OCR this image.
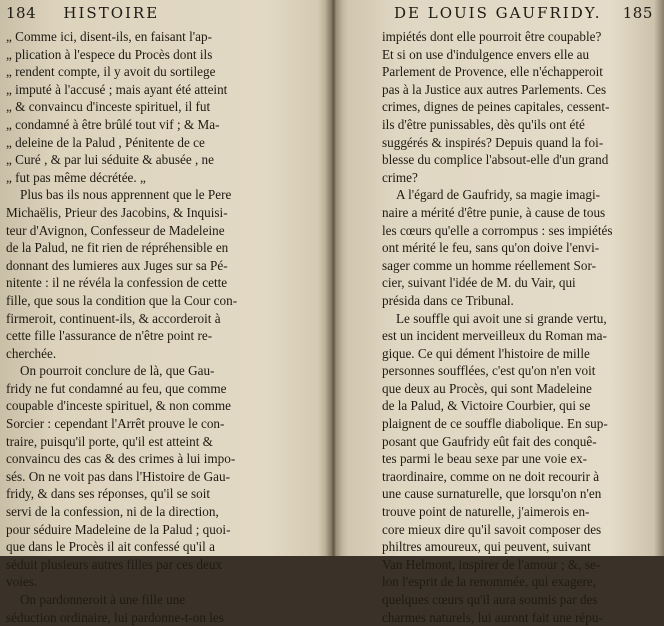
184 HISTOIRE
„ Comme ici, disent-ils, en faisant l'ap-
„ plication à l'espece du Procès dont ils
„ rendent compte, il y avoit du sortilege
„ imputé à l'accusé ; mais ayant été atteint
„ & convaincu d'inceste spirituel, il fut
„ condamné à être brûlé tout vif ; & Ma-
„ deleine de la Palud , Pénitente de ce
„ Curé , & par lui séduite & abusée , ne
„ fut pas même décrétée. „
Plus bas ils nous apprennent que le Pere
Michaëlis, Prieur des Jacobins, & Inquisi-
teur d'Avignon, Confesseur de Madeleine
de la Palud, ne fit rien de répréhensible en
donnant des lumieres aux Juges sur sa Pé-
nitente : il ne révéla la confession de cette
fille, que sous la condition que la Cour con-
firmeroit, continuent-ils, & accorderoit à
cette fille l'assurance de n'être point re-
cherchée.
On pourroit conclure de là, que Gau-
fridy ne fut condamné au feu, que comme
coupable d'inceste spirituel, & non comme
Sorcier : cependant l'Arrêt prouve le con-
traire, puisqu'il porte, qu'il est atteint &
convaincu des cas & des crimes à lui impo-
sés. On ne voit pas dans l'Histoire de Gau-
fridy, & dans ses réponses, qu'il se soit
servi de la confession, ni de la direction,
pour séduire Madeleine de la Palud ; quoi-
que dans le Procès il ait confessé qu'il a
séduit plusieurs autres filles par ces deux
voies.
On pardonneroit à une fille une
séduction ordinaire, lui pardonne-t-on les
DE LOUIS GAUFRIDY. 185
impiétés dont elle pourroit être coupable?
Et si on use d'indulgence envers elle au
Parlement de Provence, elle n'échapperoit
pas à la Justice aux autres Parlements. Ces
crimes, dignes de peines capitales, cessent-
ils d'être punissables, dès qu'ils ont été
suggérés & inspirés? Depuis quand la foi-
blesse du complice l'absout-elle d'un grand
crime?
A l'égard de Gaufridy, sa magie imagi-
naire a mérité d'être punie, à cause de tous
les cœurs qu'elle a corrompus : ses impiétés
ont mérité le feu, sans qu'on doive l'envi-
sager comme un homme réellement Sor-
cier, suivant l'idée de M. du Vair, qui
présida dans ce Tribunal.
Le souffle qui avoit une si grande vertu,
est un incident merveilleux du Roman ma-
gique. Ce qui dément l'histoire de mille
personnes soufflées, c'est qu'on n'en voit
que deux au Procès, qui sont Madeleine
de la Palud, & Victoire Courbier, qui se
plaignent de ce souffle diabolique. En sup-
posant que Gaufridy eût fait des conquê-
tes parmi le beau sexe par une voie ex-
traordinaire, comme on ne doit recourir à
une cause surnaturelle, que lorsqu'on n'en
trouve point de naturelle, j'aimerois en-
core mieux dire qu'il savoit composer des
philtres amoureux, qui peuvent, suivant
Van Helmont, inspirer de l'amour ; &, se-
lon l'esprit de la renommée, qui exagere,
quelques cœurs qu'il aura soumis par des
charmes naturels, lui auront fait une répu-
